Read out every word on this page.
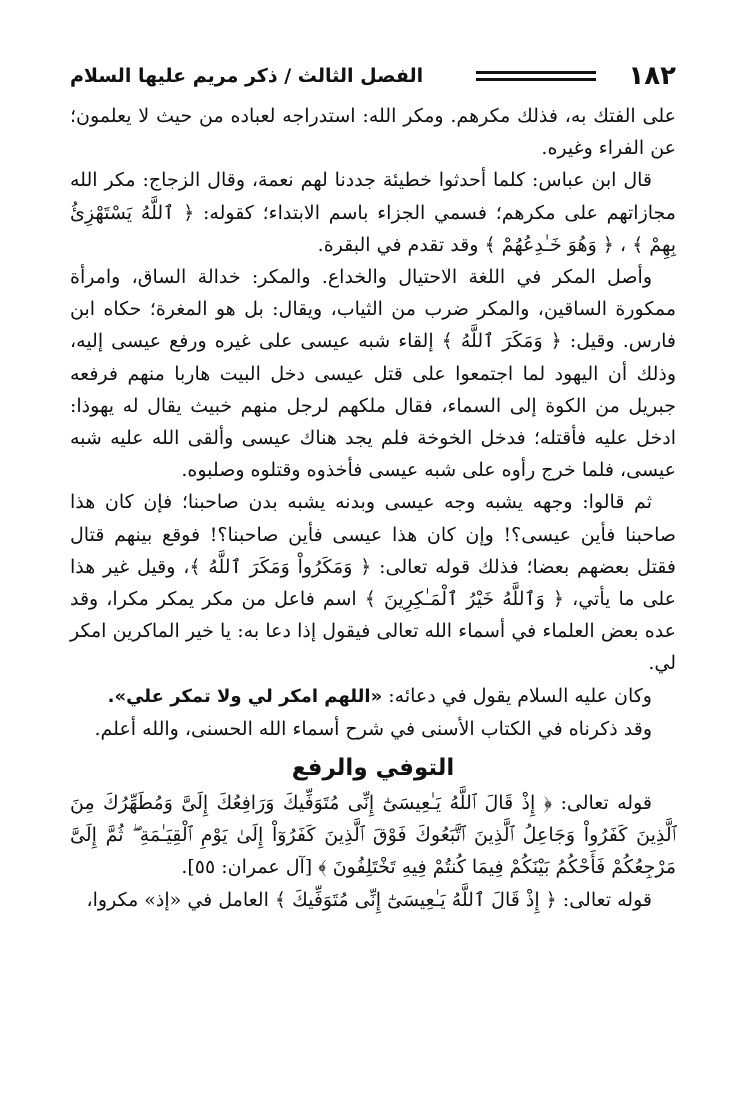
١٨٢
الفصل الثالث / ذكر مريم عليها السلام

على الفتك به، فذلك مكرهم. ومكر الله: استدراجه لعباده من حيث لا يعلمون؛ عن الفراء وغيره.

قال ابن عباس: كلما أحدثوا خطيئة جددنا لهم نعمة، وقال الزجاج: مكر الله مجازاتهم على مكرهم؛ فسمي الجزاء باسم الابتداء؛ كقوله: ﴿ ٱللَّهُ يَسْتَهْزِئُ بِهِمْ ﴾ ، ﴿ وَهُوَ خَـٰدِعُهُمْ ﴾ وقد تقدم في البقرة.

وأصل المكر في اللغة الاحتيال والخداع. والمكر: خدالة الساق، وامرأة ممكورة الساقين، والمكر ضرب من الثياب، ويقال: بل هو المغرة؛ حكاه ابن فارس. وقيل: ﴿ وَمَكَرَ ٱللَّهُ ﴾ إلقاء شبه عيسى على غيره ورفع عيسى إليه، وذلك أن اليهود لما اجتمعوا على قتل عيسى دخل البيت هاربا منهم فرفعه جبريل من الكوة إلى السماء، فقال ملكهم لرجل منهم خبيث يقال له يهوذا: ادخل عليه فأقتله؛ فدخل الخوخة فلم يجد هناك عيسى وألقى الله عليه شبه عيسى، فلما خرج رأوه على شبه عيسى فأخذوه وقتلوه وصلبوه.

ثم قالوا: وجهه يشبه وجه عيسى وبدنه يشبه بدن صاحبنا؛ فإن كان هذا صاحبنا فأين عيسى؟! وإن كان هذا عيسى فأين صاحبنا؟! فوقع بينهم قتال فقتل بعضهم بعضا؛ فذلك قوله تعالى: ﴿ وَمَكَرُواْ وَمَكَرَ ٱللَّهُ ﴾، وقيل غير هذا على ما يأتي، ﴿ وَٱللَّهُ خَيْرُ ٱلْمَـٰكِرِينَ ﴾ اسم فاعل من مكر يمكر مكرا، وقد عده بعض العلماء في أسماء الله تعالى فيقول إذا دعا به: يا خير الماكرين امكر لي.

وكان عليه السلام يقول في دعائه: «اللهم امكر لي ولا تمكر علي».

وقد ذكرناه في الكتاب الأسنى في شرح أسماء الله الحسنى، والله أعلم.

التوفي والرفع

قوله تعالى: ﴿ إِذْ قَالَ ٱللَّهُ يَـٰعِيسَىٰٓ إِنِّى مُتَوَفِّيكَ وَرَافِعُكَ إِلَىَّ وَمُطَهِّرُكَ مِنَ ٱلَّذِينَ كَفَرُواْ وَجَاعِلُ ٱلَّذِينَ ٱتَّبَعُوكَ فَوْقَ ٱلَّذِينَ كَفَرُوٓاْ إِلَىٰ يَوْمِ ٱلْقِيَـٰمَةِ ۖ ثُمَّ إِلَىَّ مَرْجِعُكُمْ فَأَحْكُمُ بَيْنَكُمْ فِيمَا كُنتُمْ فِيهِ تَخْتَلِفُونَ ﴾ [آل عمران: ٥٥].

قوله تعالى: ﴿ إِذْ قَالَ ٱللَّهُ يَـٰعِيسَىٰٓ إِنِّى مُتَوَفِّيكَ ﴾ العامل في «إذ» مكروا،
